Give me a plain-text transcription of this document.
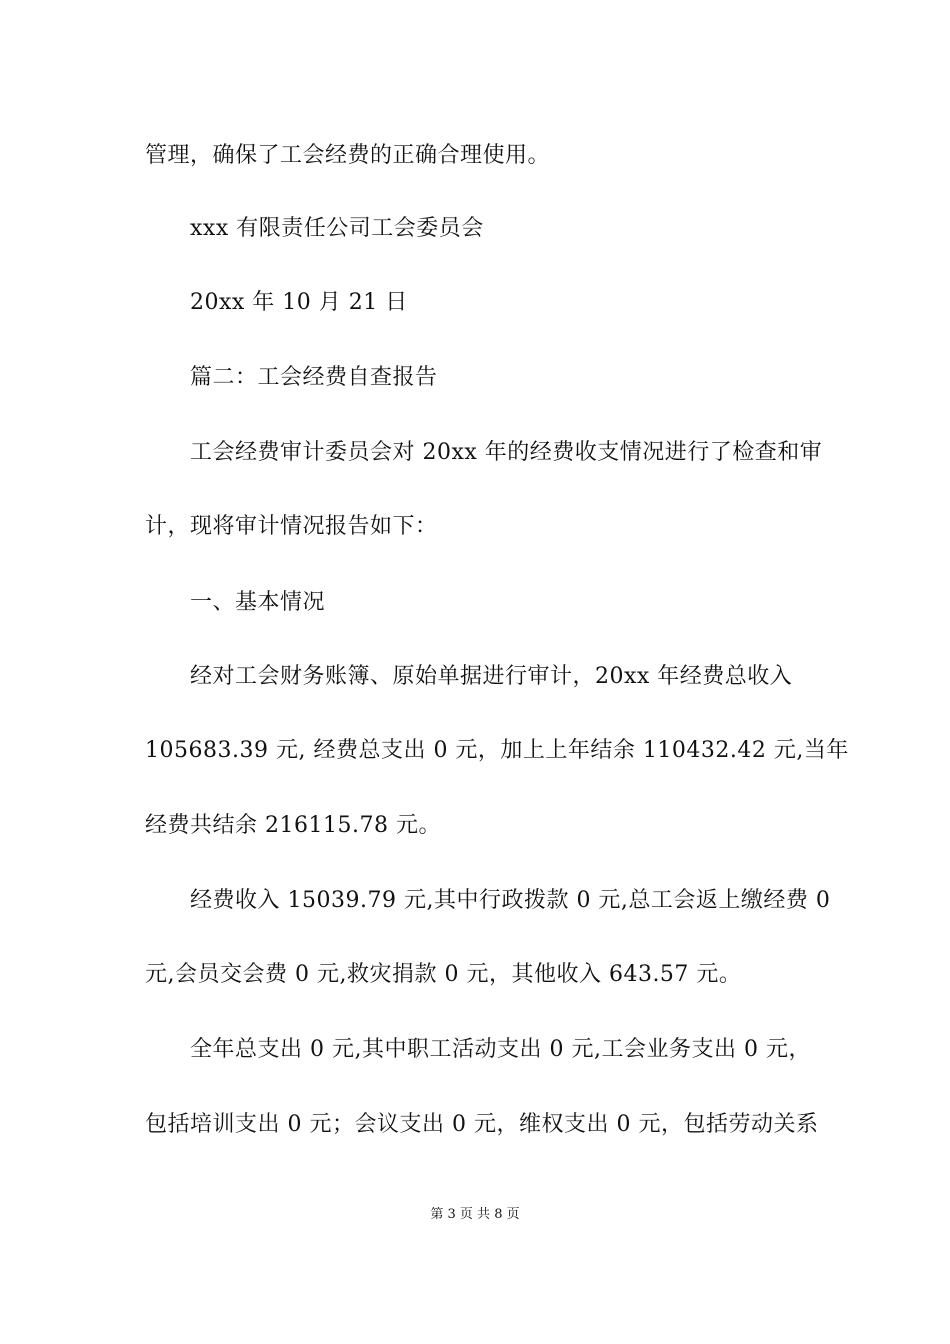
管理，确保了工会经费的正确合理使用。
xxx 有限责任公司工会委员会
20xx 年 10 月 21 日
篇二：工会经费自查报告
工会经费审计委员会对 20xx 年的经费收支情况进行了检查和审
计，现将审计情况报告如下：
一、基本情况
经对工会财务账簿、原始单据进行审计，20xx 年经费总收入
105683.39 元, 经费总支出 0 元，加上上年结余 110432.42 元,当年
经费共结余 216115.78 元。
经费收入 15039.79 元,其中行政拨款 0 元,总工会返上缴经费 0
元,会员交会费 0 元,救灾捐款 0 元，其他收入 643.57 元。
全年总支出 0 元,其中职工活动支出 0 元,工会业务支出 0 元，
包括培训支出 0 元；会议支出 0 元，维权支出 0 元，包括劳动关系
第 3 页 共 8 页
